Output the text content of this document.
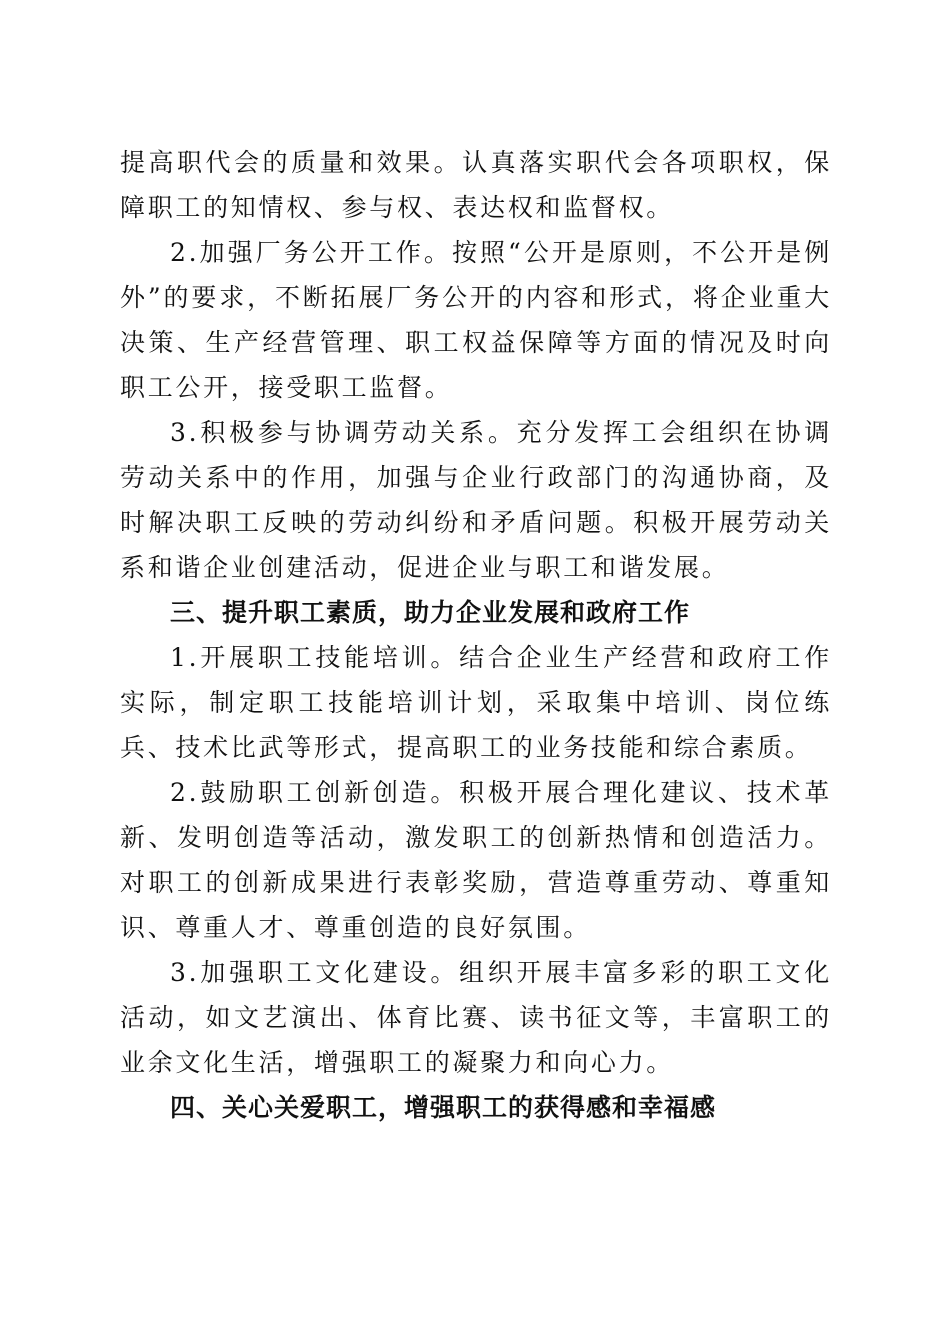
提高职代会的质量和效果。认真落实职代会各项职权，保障职工的知情权、参与权、表达权和监督权。

2.加强厂务公开工作。按照“公开是原则，不公开是例外”的要求，不断拓展厂务公开的内容和形式，将企业重大决策、生产经营管理、职工权益保障等方面的情况及时向职工公开，接受职工监督。

3.积极参与协调劳动关系。充分发挥工会组织在协调劳动关系中的作用，加强与企业行政部门的沟通协商，及时解决职工反映的劳动纠纷和矛盾问题。积极开展劳动关系和谐企业创建活动，促进企业与职工和谐发展。

三、提升职工素质，助力企业发展和政府工作

1.开展职工技能培训。结合企业生产经营和政府工作实际，制定职工技能培训计划，采取集中培训、岗位练兵、技术比武等形式，提高职工的业务技能和综合素质。

2.鼓励职工创新创造。积极开展合理化建议、技术革新、发明创造等活动，激发职工的创新热情和创造活力。对职工的创新成果进行表彰奖励，营造尊重劳动、尊重知识、尊重人才、尊重创造的良好氛围。

3.加强职工文化建设。组织开展丰富多彩的职工文化活动，如文艺演出、体育比赛、读书征文等，丰富职工的业余文化生活，增强职工的凝聚力和向心力。

四、关心关爱职工，增强职工的获得感和幸福感
